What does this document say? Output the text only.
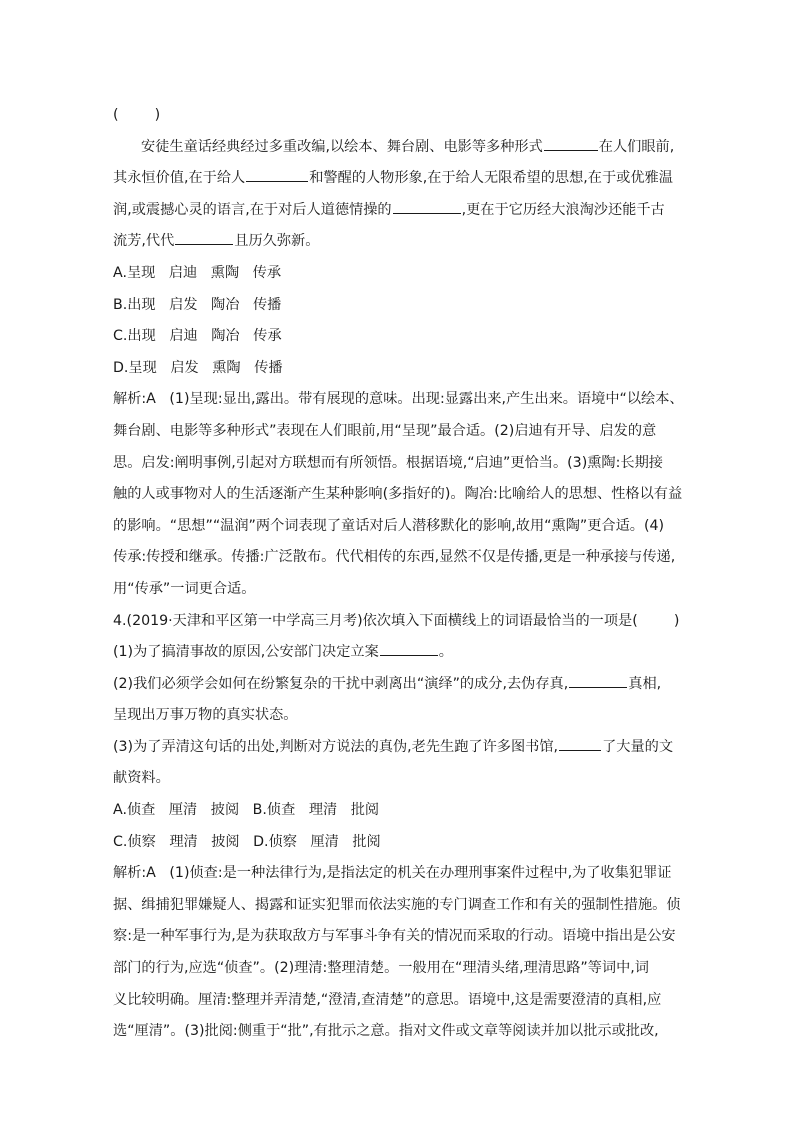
(        )
安徒生童话经典经过多重改编,以绘本、舞台剧、电影等多种形式	在人们眼前,
其永恒价值,在于给人	和警醒的人物形象,在于给人无限希望的思想,在于或优雅温
润,或震撼心灵的语言,在于对后人道德情操的	,更在于它历经大浪淘沙还能千古
流芳,代代	且历久弥新。
A.呈现   启迪   熏陶   传承
B.出现   启发   陶冶   传播
C.出现   启迪   陶冶   传承
D.呈现   启发   熏陶   传播
解析:A   (1)呈现:显出,露出。带有展现的意味。出现:显露出来,产生出来。语境中“以绘本、
舞台剧、电影等多种形式”表现在人们眼前,用“呈现”最合适。(2)启迪有开导、启发的意
思。启发:阐明事例,引起对方联想而有所领悟。根据语境,“启迪”更恰当。(3)熏陶:长期接
触的人或事物对人的生活逐渐产生某种影响(多指好的)。陶冶:比喻给人的思想、性格以有益
的影响。“思想”“温润”两个词表现了童话对后人潜移默化的影响,故用“熏陶”更合适。(4)
传承:传授和继承。传播:广泛散布。代代相传的东西,显然不仅是传播,更是一种承接与传递,
用“传承”一词更合适。
4.(2019·天津和平区第一中学高三月考)依次填入下面横线上的词语最恰当的一项是(        )
(1)为了搞清事故的原因,公安部门决定立案	。
(2)我们必须学会如何在纷繁复杂的干扰中剥离出“演绎”的成分,去伪存真,	真相,
呈现出万事万物的真实状态。
(3)为了弄清这句话的出处,判断对方说法的真伪,老先生跑了许多图书馆,	了大量的文
献资料。
A.侦查   厘清   披阅   B.侦查   理清   批阅
C.侦察   理清   披阅   D.侦察   厘清   批阅
解析:A   (1)侦查:是一种法律行为,是指法定的机关在办理刑事案件过程中,为了收集犯罪证
据、缉捕犯罪嫌疑人、揭露和证实犯罪而依法实施的专门调查工作和有关的强制性措施。侦
察:是一种军事行为,是为获取敌方与军事斗争有关的情况而采取的行动。语境中指出是公安
部门的行为,应选“侦查”。(2)理清:整理清楚。一般用在“理清头绪,理清思路”等词中,词
义比较明确。厘清:整理并弄清楚,“澄清,查清楚”的意思。语境中,这是需要澄清的真相,应
选“厘清”。(3)批阅:侧重于“批”,有批示之意。指对文件或文章等阅读并加以批示或批改,
